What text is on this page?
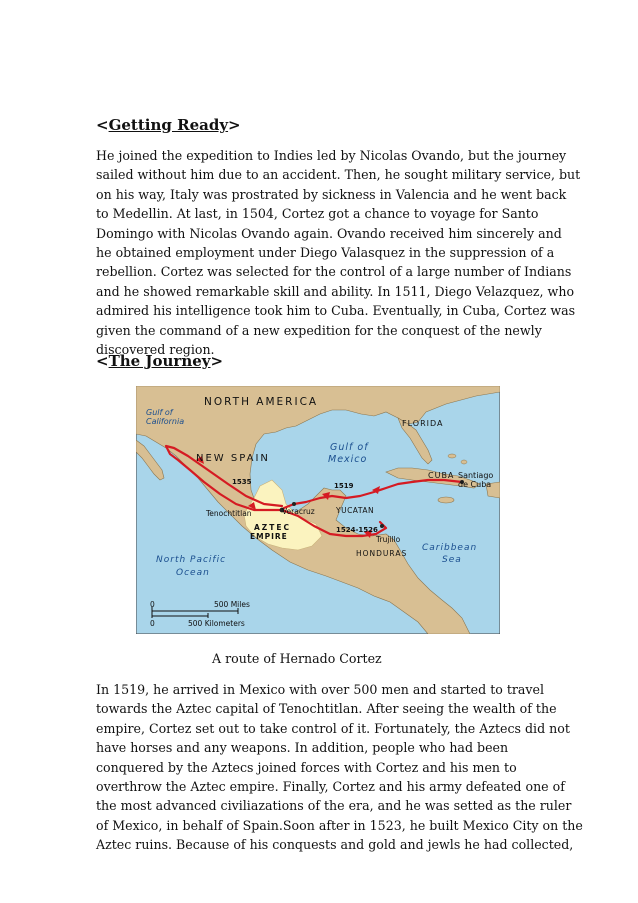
<Getting Ready>

He joined the expedition to Indies led by Nicolas Ovando, but the journey
sailed without him due to an accident. Then, he sought military service, but
on his way, Italy was prostrated by sickness in Valencia and he went back
to Medellin. At last, in 1504, Cortez got a chance to voyage for Santo
Domingo with Nicolas Ovando again. Ovando received him sincerely and
he obtained employment under Diego Valasquez in the suppression of a
rebellion. Cortez was selected for the control of a large number of Indians
and he showed remarkable skill and ability. In 1511, Diego Velazquez, who
admired his intelligence took him to Cuba. Eventually, in Cuba, Cortez was
given the command of a new expedition for the conquest of the newly
discovered region.

<The Journey>
NORTH AMERICA
Gulf of
California	FLORIDA
Gulf of
Mexico
NEW SPAIN
CUBA Santiago
de Cuba
1535	1519
Tenochtitlan	Veracruz	YUCATAN
AZTEC
EMPIRE
1524-1526
Trujillo
HONDURAS
North Pacific
Ocean
Caribbean
Sea
0	500 Miles
0	500 Kilometers

A route of Hernado Cortez

In 1519, he arrived in Mexico with over 500 men and started to travel
towards the Aztec capital of Tenochtitlan. After seeing the wealth of the
empire, Cortez set out to take control of it. Fortunately, the Aztecs did not
have horses and any weapons. In addition, people who had been
conquered by the Aztecs joined forces with Cortez and his men to
overthrow the Aztec empire. Finally, Cortez and his army defeated one of
the most advanced civiliazations of the era, and he was setted as the ruler
of Mexico, in behalf of Spain.Soon after in 1523, he built Mexico City on the
Aztec ruins. Because of his conquests and gold and jewls he had collected,
